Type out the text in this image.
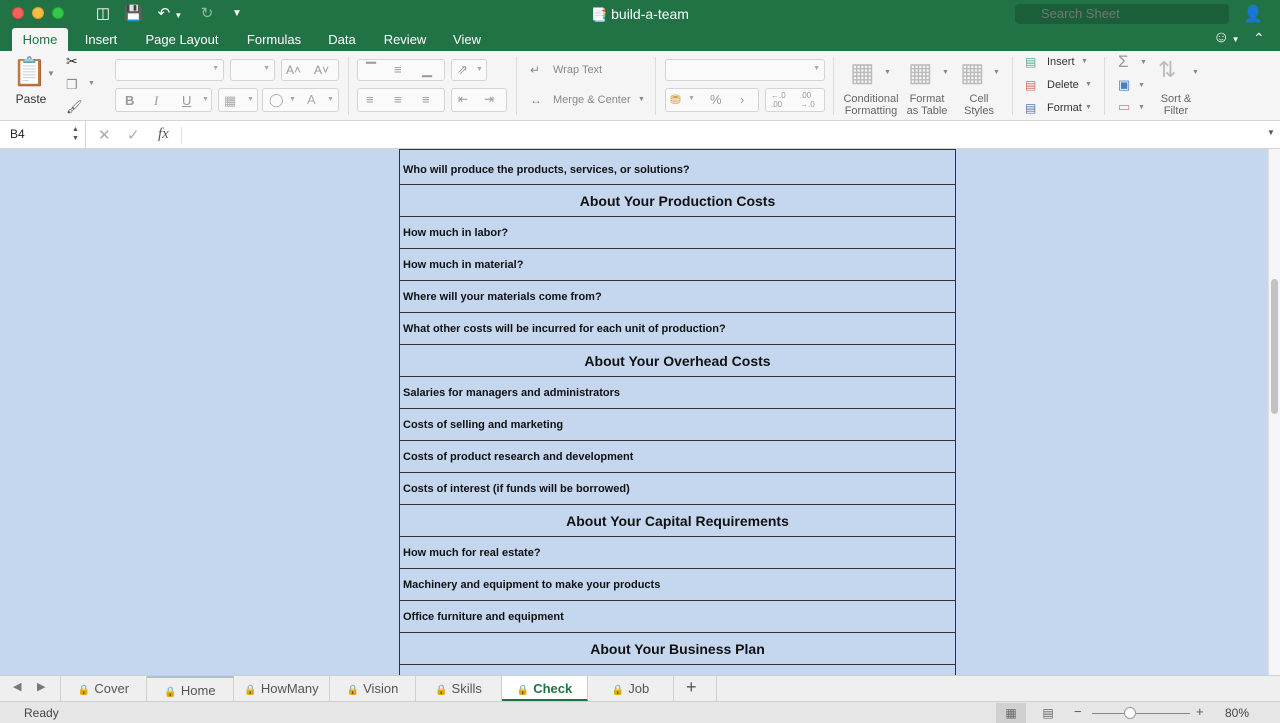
◫ 💾 ↶ ▼ ↻ ▼	📑 build-a-team
Search Sheet	👤
Home	Insert	Page Layout	Formulas	Data	Review	View	☺ ▼ ⌃
📋 ▼
Paste
✂
❐ ▼
🖌
▼	▼ A˄ A˅
B I U ▼ ▦ ▼ ◯ ▼ A ▼
▔ ≡ ▁ ⇗ ▼
≡ ≡ ≡ ⇤ ⇥
↵ Wrap Text
↔ Merge & Center ▼
▼
⛃ ▼ % ›	←.0
.00
.00
→.0
▦ ▼
Conditional
Formatting
▦ ▼
Format
as Table
▦ ▼
Cell
Styles
▤ Insert ▼
▤ Delete ▼
▤ Format ▼
Σ ▼
▣ ▼
▭ ▼
⇅ ▼
Sort &
Filter
B4	▲
▼ ✕ ✓ fx	▼
Who will produce the products, services, or solutions?
About Your Production Costs
How much in labor?
How much in material?
Where will your materials come from?
What other costs will be incurred for each unit of production?
About Your Overhead Costs
Salaries for managers and administrators
Costs of selling and marketing
Costs of product research and development
Costs of interest (if funds will be borrowed)
About Your Capital Requirements
How much for real estate?
Machinery and equipment to make your products
Office furniture and equipment
About Your Business Plan
◀ ▶	🔒 Cover	🔒 Home	🔒 HowMany	🔒 Vision	🔒 Skills	🔒 Check	🔒 Job	+
Ready	▦	▤	−	+ 80%
